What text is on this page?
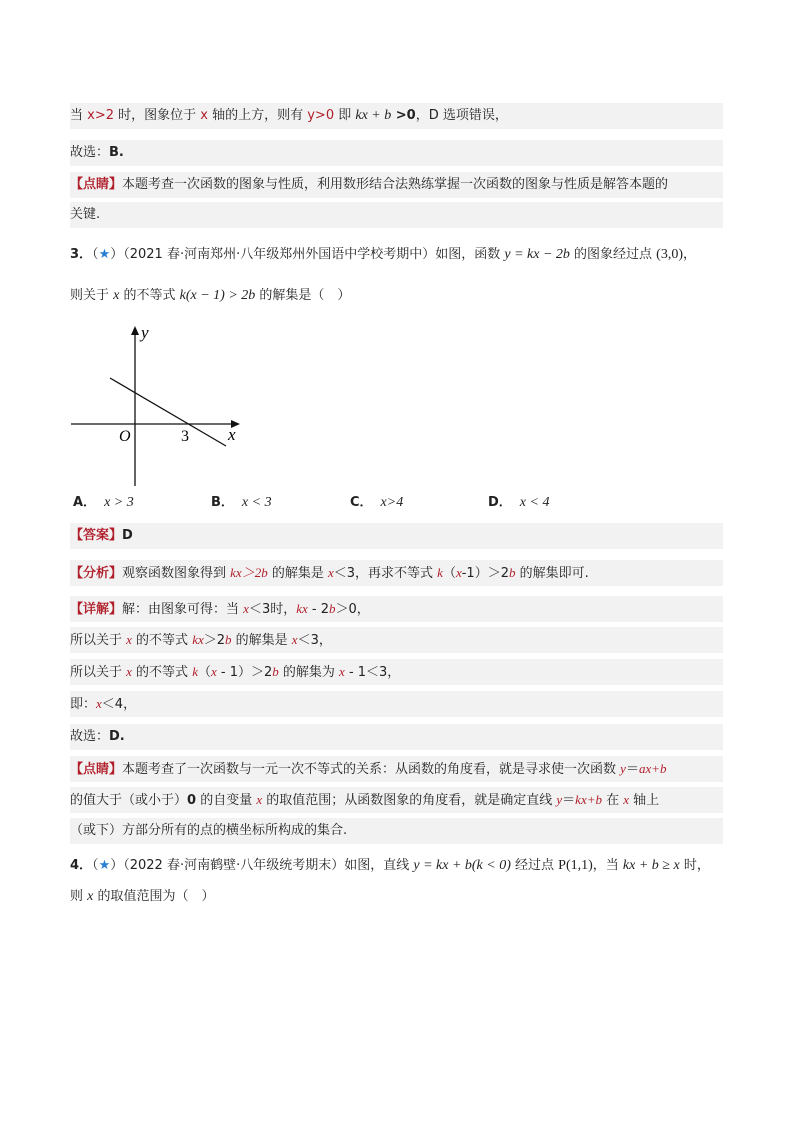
当 x>2 时，图象位于 x 轴的上方，则有 y>0 即 kx + b >0，D 选项错误，
故选：B.
【点睛】本题考查一次函数的图象与性质，利用数形结合法熟练掌握一次函数的图象与性质是解答本题的
关键.
3．（★）（2021 春·河南郑州·八年级郑州外国语中学校考期中）如图，函数 y = kx − 2b 的图象经过点 (3,0)，
则关于 x 的不等式 k(x − 1) > 2b 的解集是（　）
y
x
O	3
A． x > 3	B． x < 3	C． x>4	D． x < 4
【答案】D
【分析】观察函数图象得到 kx＞2b 的解集是 x＜3，再求不等式 k（x-1）＞2b 的解集即可.
【详解】解：由图象可得：当 x＜3时，kx - 2b＞0，
所以关于 x 的不等式 kx＞2b 的解集是 x＜3，
所以关于 x 的不等式 k（x - 1）＞2b 的解集为 x - 1＜3，
即：x＜4，
故选：D.
【点睛】本题考查了一次函数与一元一次不等式的关系：从函数的角度看，就是寻求使一次函数 y＝ax+b
的值大于（或小于）0 的自变量 x 的取值范围；从函数图象的角度看，就是确定直线 y＝kx+b 在 x 轴上
（或下）方部分所有的点的横坐标所构成的集合.
4．（★）（2022 春·河南鹤壁·八年级统考期末）如图，直线 y = kx + b(k < 0) 经过点 P(1,1)，当 kx + b ≥ x 时，
则 x 的取值范围为（　）
